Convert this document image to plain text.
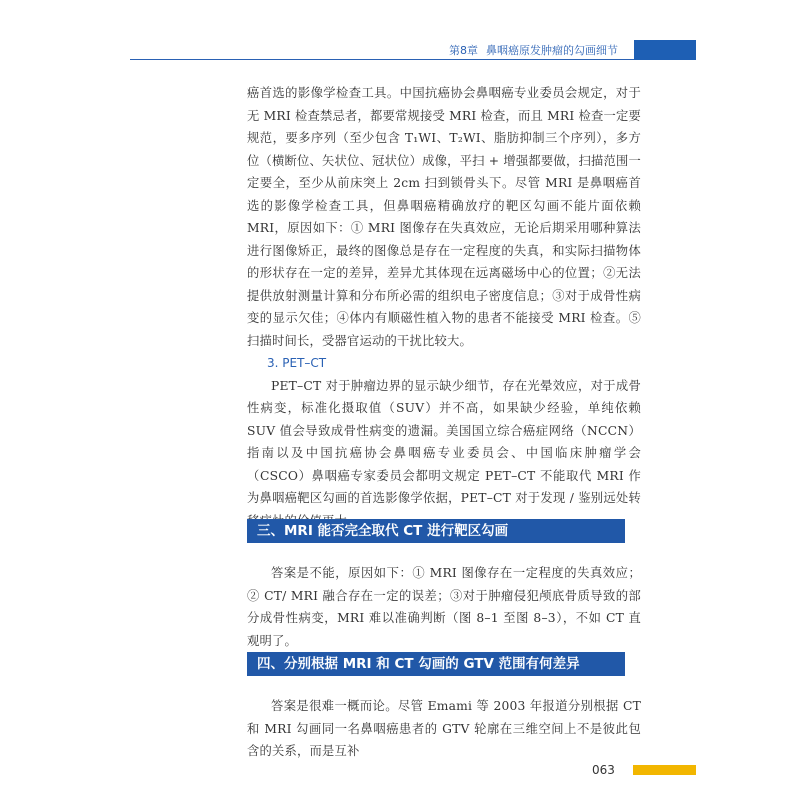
第8章 鼻咽癌原发肿瘤的勾画细节

癌首选的影像学检查工具。中国抗癌协会鼻咽癌专业委员会规定，对于无 MRI 检查禁忌者，都要常规接受 MRI 检查，而且 MRI 检查一定要规范，要多序列（至少包含 T₁WI、T₂WI、脂肪抑制三个序列），多方位（横断位、矢状位、冠状位）成像，平扫 + 增强都要做，扫描范围一定要全，至少从前床突上 2cm 扫到锁骨头下。尽管 MRI 是鼻咽癌首选的影像学检查工具，但鼻咽癌精确放疗的靶区勾画不能片面依赖 MRI，原因如下：① MRI 图像存在失真效应，无论后期采用哪种算法进行图像矫正，最终的图像总是存在一定程度的失真，和实际扫描物体的形状存在一定的差异，差异尤其体现在远离磁场中心的位置；②无法提供放射测量计算和分布所必需的组织电子密度信息；③对于成骨性病变的显示欠佳；④体内有顺磁性植入物的患者不能接受 MRI 检查。⑤扫描时间长，受器官运动的干扰比较大。

3. PET–CT

PET–CT 对于肿瘤边界的显示缺少细节，存在光晕效应，对于成骨性病变，标准化摄取值（SUV）并不高，如果缺少经验，单纯依赖 SUV 值会导致成骨性病变的遗漏。美国国立综合癌症网络（NCCN）指南以及中国抗癌协会鼻咽癌专业委员会、中国临床肿瘤学会（CSCO）鼻咽癌专家委员会都明文规定 PET–CT 不能取代 MRI 作为鼻咽癌靶区勾画的首选影像学依据，PET–CT 对于发现 / 鉴别远处转

三、MRI 能否完全取代 CT 进行靶区勾画

答案是不能，原因如下：① MRI 图像存在一定程度的失真效应；② CT/ MRI 融合存在一定的误差；③对于肿瘤侵犯颅底骨质导致的部分成骨性病变，MRI 难以准确判断（图 8–1 至图 8–3），不如 CT 直观明了。

四、分别根据 MRI 和 CT 勾画的 GTV 范围有何差异

答案是很难一概而论。尽管 Emami 等 2003 年报道分别根据 CT 和 MRI 勾画同一名鼻咽癌患者的 GTV 轮廓在三维空间上不是彼此包含的关系，而是互补

063
